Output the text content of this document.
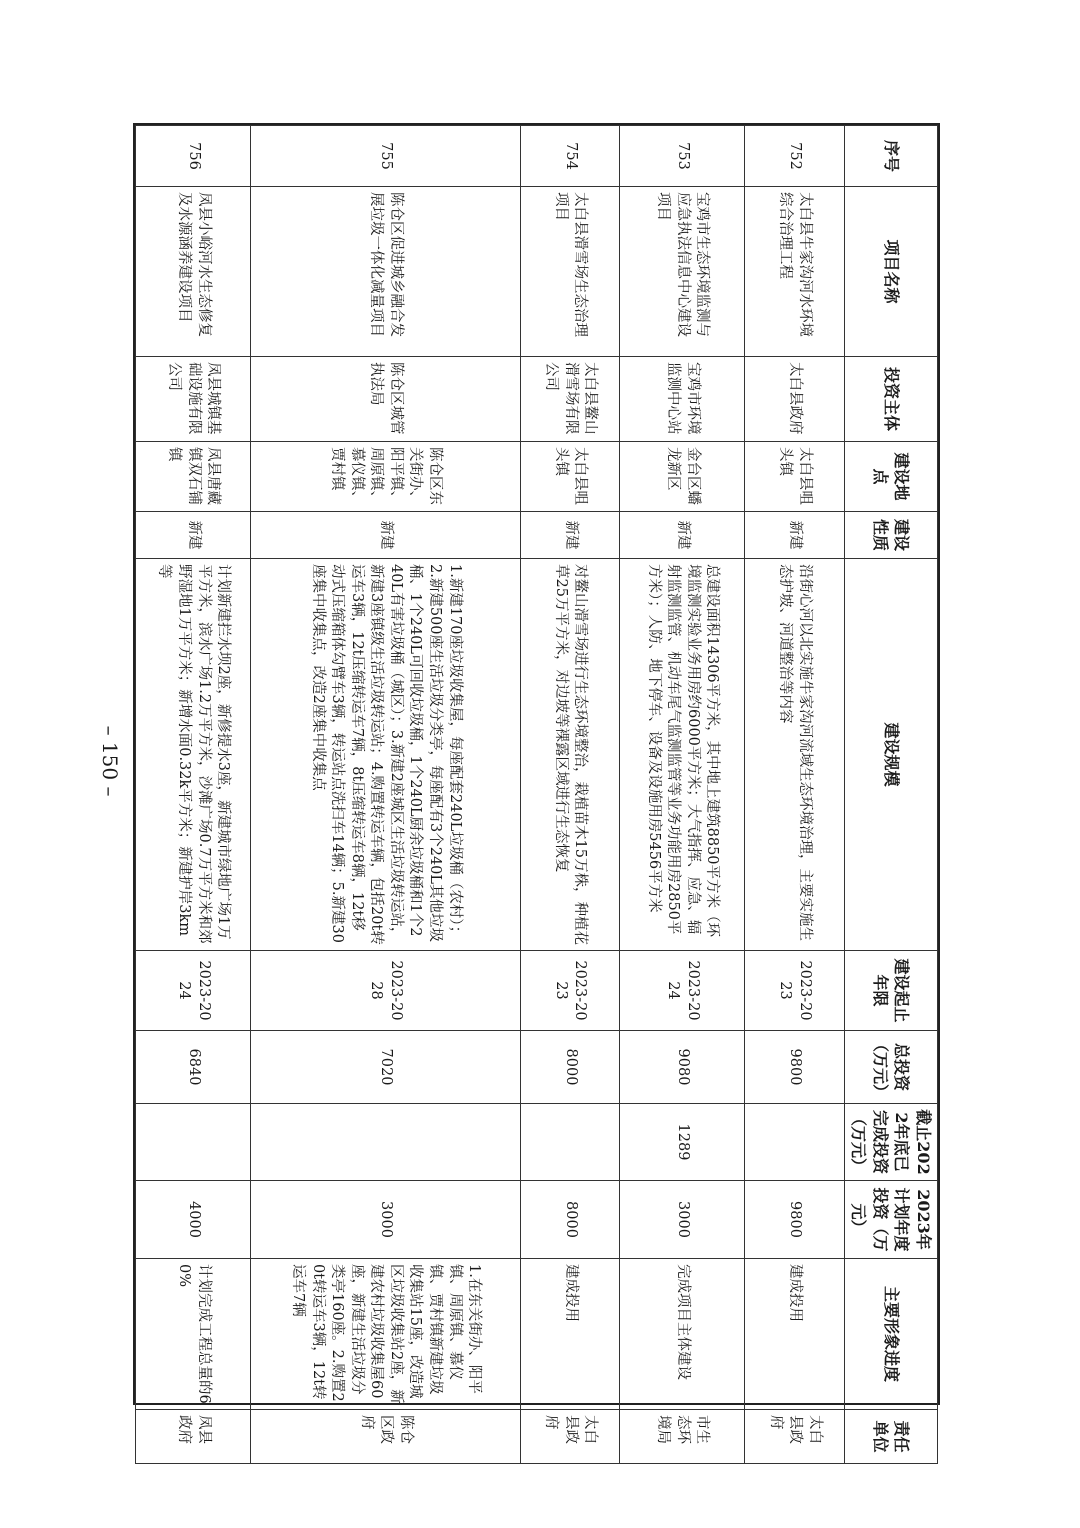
序号	项目名称	投资主体	建设地点	建设性质	建设规模	建设起止年限	总投资（万元）	截止2022年底已完成投资（万元）	2023年计划年度投资（万元）	主要形象进度	责任单位
752	太白县牛家沟河水环境综合治理工程	太白县政府	太白县咀头镇	新建	沿街心河以北实施牛家沟河流域生态环境治理，主要实施生态护坡、河道整治等内容	2023-2023	9800		9800	建成投用	太白县政府
753	宝鸡市生态环境监测与应急执法信息中心建设项目	宝鸡市环境监测中心站	金台区蟠龙新区	新建	总建设面积14306平方米，其中地上建筑8850平方米（环境监测实验业务用房约6000平方米；大气指挥、应急、辐射监测监管、机动车尾气监测监管等业务功能用房2850平方米）；人防、地下停车、设备及设施用房5456平方米	2023-2024	9080	1289	3000	完成项目主体建设	市生态环境局
754	太白县滑雪场生态治理项目	太白县鳌山滑雪场有限公司	太白县咀头镇	新建	对鳌山滑雪场进行生态环境整治，栽植苗木15万株，种植花草25万平方米，对边坡等裸露区域进行生态恢复	2023-2023	8000		8000	建成投用	太白县政府
755	陈仓区促进城乡融合发展垃圾一体化减量项目	陈仓区城管执法局	陈仓区东关街办、阳平镇、周原镇、慕仪镇、贾村镇	新建	1.新建170座垃圾收集屋，每座配套240L垃圾桶（农村）；2.新建500座生活垃圾分类亭，每座配有3个240L其他垃圾桶、1个240L可回收垃圾桶，1个240L厨余垃圾桶和1个240L有害垃圾桶（城区）；3.新建2座城区生活垃圾转运站，新建3座镇级生活垃圾转运站；4.购置转运车辆，包括20t转运车3辆，12t压缩转运车7辆，8t压缩转运车8辆，12t移动式压缩箱体勾臂车3辆，转运站点洗扫车14辆；5.新建30座集中收集点，改造2座集中收集点	2023-2028	7020		3000	1.在东关街办、阳平镇、周原镇、慕仪镇、贾村镇新建垃圾收集站15座，改造城区垃圾收集站2座，新建农村垃圾收集屋60座，新建生活垃圾分类亭160座。2.购置20t转运车3辆，12t转运车7辆	陈仓区政府
756	凤县小峪河水生态修复及水源涵养建设项目	凤县城镇基础设施有限公司	凤县唐藏镇双石铺镇	新建	计划新建拦水坝2座，新修提水3座，新建城市绿地广场1万平方米，滨水广场1.2万平方米，沙滩广场0.7万平方米和郊野湿地1万平方米；新增水面0.32k平方米；新建护岸3km等	2023-2024	6840		4000	计划完成工程总量的60%	凤县政府
– 150 –
